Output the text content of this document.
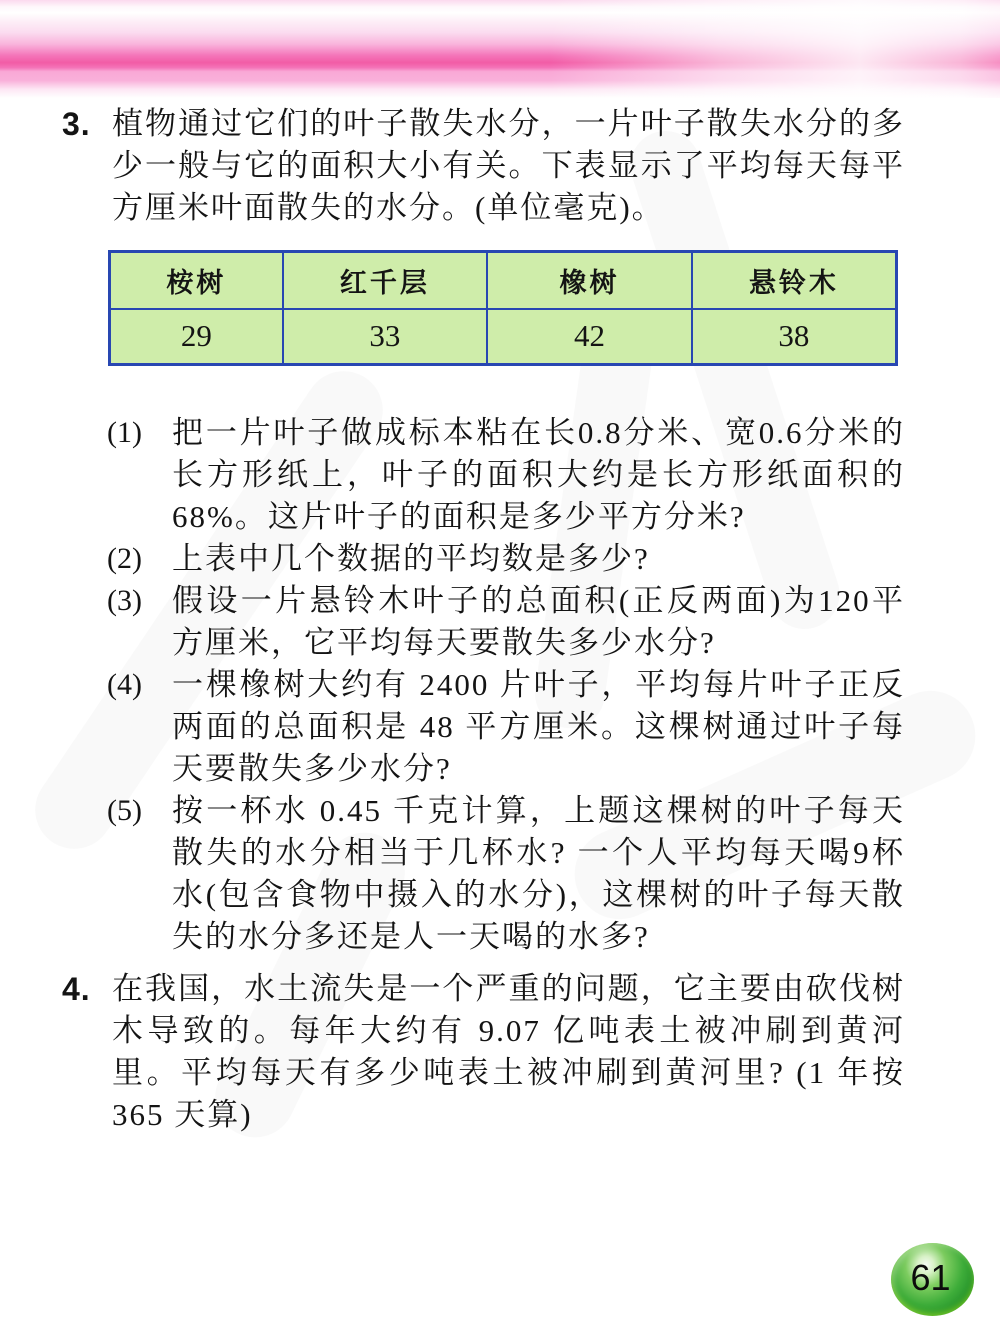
3. 植物通过它们的叶子散失水分，一片叶子散失水分的多少一般与它的面积大小有关。下表显示了平均每天每平方厘米叶面散失的水分。(单位毫克)。

桉树	红千层	橡树	悬铃木
29	33	42	38
(1) 把一片叶子做成标本粘在长0.8分米、宽0.6分米的长方形纸上，叶子的面积大约是长方形纸面积的68%。这片叶子的面积是多少平方分米?

(2) 上表中几个数据的平均数是多少?

(3) 假设一片悬铃木叶子的总面积(正反两面)为120平方厘米，它平均每天要散失多少水分?

(4) 一棵橡树大约有 2400 片叶子，平均每片叶子正反两面的总面积是 48 平方厘米。这棵树通过叶子每天要散失多少水分?

(5) 按一杯水 0.45 千克计算，上题这棵树的叶子每天散失的水分相当于几杯水? 一个人平均每天喝9杯水(包含食物中摄入的水分)，这棵树的叶子每天散失的水分多还是人一天喝的水多?

4. 在我国，水土流失是一个严重的问题，它主要由砍伐树木导致的。每年大约有 9.07 亿吨表土被冲刷到黄河里。平均每天有多少吨表土被冲刷到黄河里? (1 年按 365 天算)

61
